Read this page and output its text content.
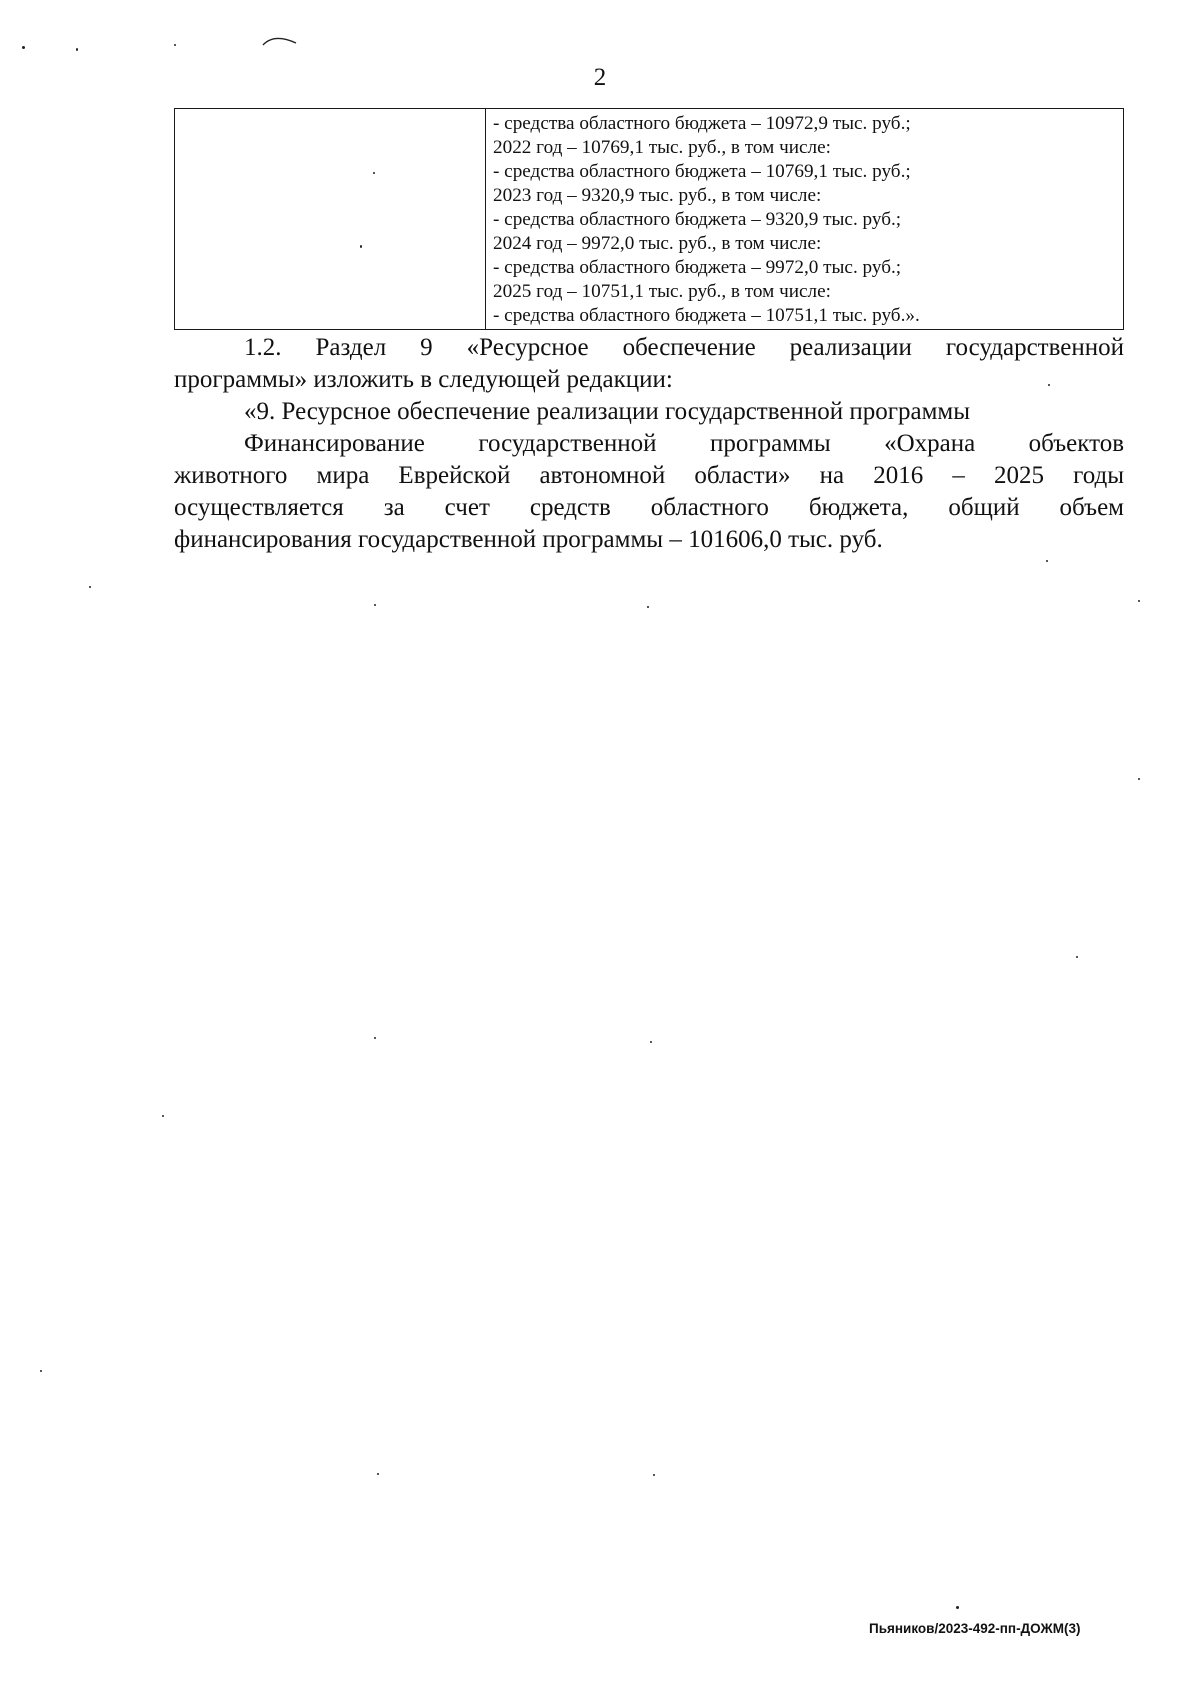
2
- средства областного бюджета – 10972,9 тыс. руб.;
2022 год – 10769,1 тыс. руб., в том числе:
- средства областного бюджета – 10769,1 тыс. руб.;
2023 год – 9320,9 тыс. руб., в том числе:
- средства областного бюджета – 9320,9 тыс. руб.;
2024 год – 9972,0 тыс. руб., в том числе:
- средства областного бюджета – 9972,0 тыс. руб.;
2025 год – 10751,1 тыс. руб., в том числе:
- средства областного бюджета – 10751,1 тыс. руб.».
1.2. Раздел 9 «Ресурсное обеспечение реализации государственной
программы» изложить в следующей редакции:
«9. Ресурсное обеспечение реализации государственной программы
Финансирование государственной программы «Охрана объектов
животного мира Еврейской автономной области» на 2016 – 2025 годы
осуществляется за счет средств областного бюджета, общий объем
финансирования государственной программы – 101606,0 тыс. руб.
Пьяников/2023-492-пп-ДОЖМ(3)
